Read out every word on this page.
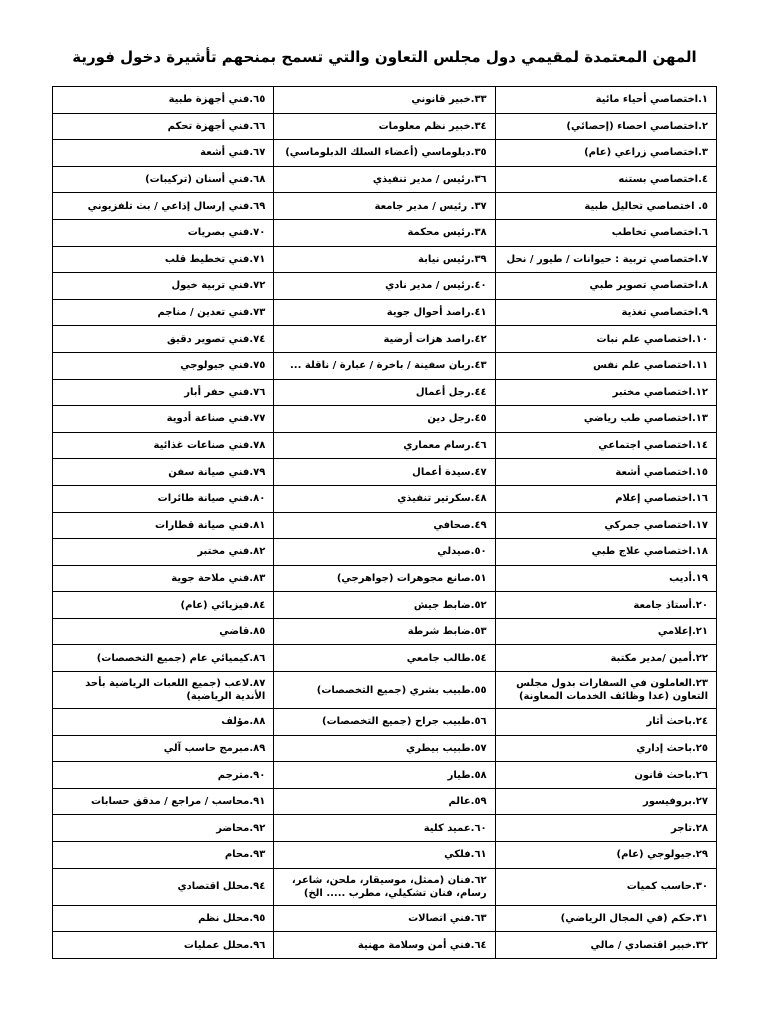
المهن المعتمدة لمقيمي دول مجلس التعاون والتي تسمح بمنحهم تأشيرة دخول فورية
١.اختصاصي أحياء مائية	٣٣.خبير قانوني	٦٥.فني أجهزة طبية
٢.اختصاصي احصاء (إحصائي)	٣٤.خبير نظم معلومات	٦٦.فني أجهزة تحكم
٣.اختصاصي زراعي (عام)	٣٥.دبلوماسي (أعضاء السلك الدبلوماسي)	٦٧.فني أشعة
٤.اختصاصي بستنه	٣٦.رئيس / مدير تنفيذي	٦٨.فني أسنان (تركيبات)
٥. اختصاصي تحاليل طبية	٣٧. رئيس / مدير جامعة	٦٩.فني إرسال إذاعي / بث تلفزيوني
٦.اختصاصي تخاطب	٣٨.رئيس محكمة	٧٠.فني بصريات
٧.اختصاصي تربية : حيوانات / طيور / نحل	٣٩.رئيس نيابة	٧١.فني تخطيط قلب
٨.اختصاصي تصوير طبي	٤٠.رئيس / مدير نادي	٧٢.فني تربية خيول
٩.اختصاصي تغذية	٤١.راصد أحوال جوية	٧٣.فني تعدين / مناجم
١٠.اختصاصي علم نبات	٤٢.راصد هزات أرضية	٧٤.فني تصوير دقيق
١١.اختصاصي علم نفس	٤٣.ربان سفينة / باخرة / عبارة / ناقلة ...	٧٥.فني جيولوجي
١٢.اختصاصي مختبر	٤٤.رجل أعمال	٧٦.فني حفر أبار
١٣.اختصاصي طب رياضي	٤٥.رجل دين	٧٧.فني صناعة أدوية
١٤.اختصاصي اجتماعي	٤٦.رسام معماري	٧٨.فني صناعات غذائية
١٥.اختصاصي أشعة	٤٧.سيدة أعمال	٧٩.فني صيانة سفن
١٦.اختصاصي إعلام	٤٨.سكرتير تنفيذي	٨٠.فني صيانة طائرات
١٧.اختصاصي جمركي	٤٩.صحافي	٨١.فني صيانة قطارات
١٨.اختصاصي علاج طبي	٥٠.صيدلي	٨٢.فني مختبر
١٩.أديب	٥١.صانع مجوهرات (جواهرجي)	٨٣.فني ملاحة جوية
٢٠.أستاذ جامعة	٥٢.ضابط جيش	٨٤.فيزيائي (عام)
٢١.إعلامي	٥٣.ضابط شرطة	٨٥.قاضي
٢٢.أمين /مدير مكتبة	٥٤.طالب جامعي	٨٦.كيميائي عام (جميع التخصصات)
٢٣.العاملون في السفارات بدول مجلس التعاون (عدا وظائف الخدمات المعاونة)	٥٥.طبيب بشري (جميع التخصصات)	٨٧.لاعب (جميع اللعبات الرياضية بأحد الأندية الرياضية)
٢٤.باحث أثار	٥٦.طبيب جراح (جميع التخصصات)	٨٨.مؤلف
٢٥.باحث إداري	٥٧.طبيب بيطري	٨٩.مبرمج حاسب آلي
٢٦.باحث قانون	٥٨.طيار	٩٠.مترجم
٢٧.بروفيسور	٥٩.عالم	٩١.محاسب / مراجع / مدقق حسابات
٢٨.تاجر	٦٠.عميد كلية	٩٢.محاضر
٢٩.جيولوجي (عام)	٦١.فلكي	٩٣.محام
٣٠.حاسب كميات	٦٢.فنان (ممثل، موسيقار، ملحن، شاعر، رسام، فنان تشكيلي، مطرب ..... الخ)	٩٤.محلل اقتصادي
٣١.حكم (في المجال الرياضي)	٦٣.فني اتصالات	٩٥.محلل نظم
٣٢.خبير اقتصادي / مالي	٦٤.فني أمن وسلامة مهنية	٩٦.محلل عمليات
